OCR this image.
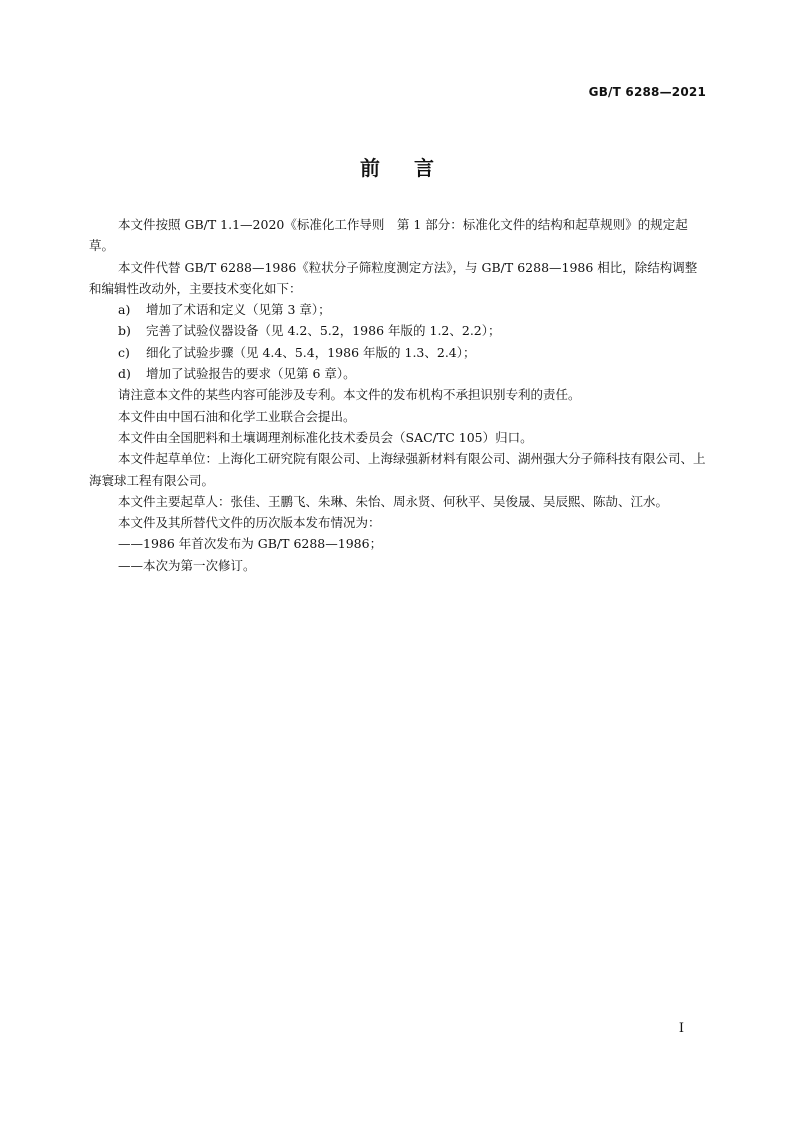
GB/T 6288—2021
前言

本文件按照 GB/T 1.1—2020《标准化工作导则　第 1 部分：标准化文件的结构和起草规则》的规定起草。

本文件代替 GB/T 6288—1986《粒状分子筛粒度测定方法》，与 GB/T 6288—1986 相比，除结构调整和编辑性改动外，主要技术变化如下：

a)	增加了术语和定义（见第 3 章）；
b)	完善了试验仪器设备（见 4.2、5.2，1986 年版的 1.2、2.2）；
c)	细化了试验步骤（见 4.4、5.4，1986 年版的 1.3、2.4）；
d)	增加了试验报告的要求（见第 6 章）。

请注意本文件的某些内容可能涉及专利。本文件的发布机构不承担识别专利的责任。

本文件由中国石油和化学工业联合会提出。

本文件由全国肥料和土壤调理剂标准化技术委员会（SAC/TC 105）归口。

本文件起草单位：上海化工研究院有限公司、上海绿强新材料有限公司、湖州强大分子筛科技有限公司、上海寰球工程有限公司。

本文件主要起草人：张佳、王鹏飞、朱琳、朱怡、周永贤、何秋平、吴俊晟、吴辰熙、陈劼、江水。

本文件及其所替代文件的历次版本发布情况为：

——1986 年首次发布为 GB/T 6288—1986；

——本次为第一次修订。

I
